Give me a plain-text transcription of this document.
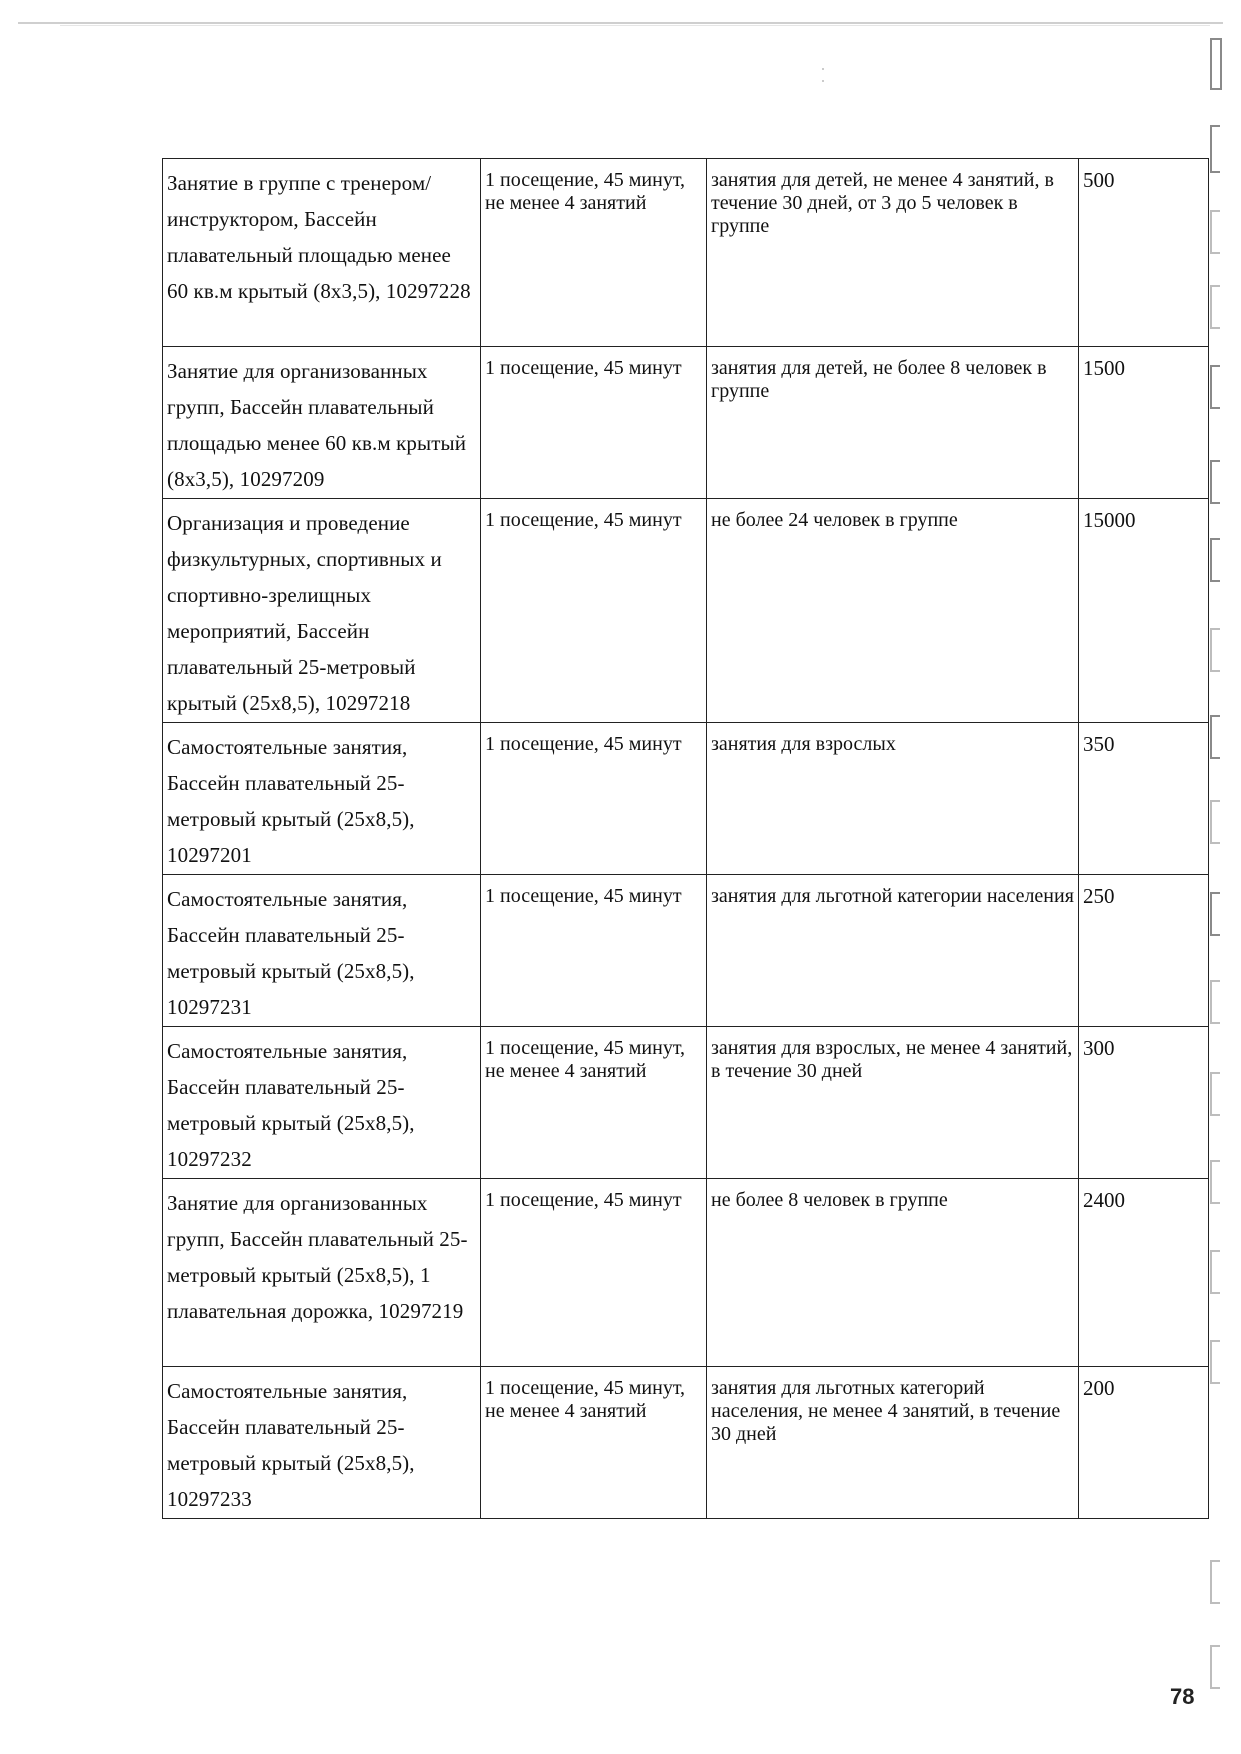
Занятие в группе с тренером/инструктором, Бассейн плавательный площадью менее 60 кв.м крытый (8х3,5), 10297228	1 посещение, 45 минут, не менее 4 занятий	занятия для детей, не менее 4 занятий, в течение 30 дней, от 3 до 5 человек в группе	500

Занятие для организованных групп, Бассейн плавательный площадью менее 60 кв.м крытый (8х3,5), 10297209	1 посещение, 45 минут	занятия для детей, не более 8 человек в группе	1500

Организация и проведение физкультурных, спортивных и спортивно-зрелищных мероприятий, Бассейн плавательный 25-метровый крытый (25х8,5), 10297218	1 посещение, 45 минут	не более 24 человек в группе	15000

Самостоятельные занятия, Бассейн плавательный 25-метровый крытый (25х8,5), 10297201	1 посещение, 45 минут	занятия для взрослых	350

Самостоятельные занятия, Бассейн плавательный 25-метровый крытый (25х8,5), 10297231	1 посещение, 45 минут	занятия для льготной категории населения	250

Самостоятельные занятия, Бассейн плавательный 25-метровый крытый (25х8,5), 10297232	1 посещение, 45 минут, не менее 4 занятий	занятия для взрослых, не менее 4 занятий, в течение 30 дней	300

Занятие для организованных групп, Бассейн плавательный 25-метровый крытый (25х8,5), 1 плавательная дорожка, 10297219	1 посещение, 45 минут	не более 8 человек в группе	2400

Самостоятельные занятия, Бассейн плавательный 25-метровый крытый (25х8,5), 10297233	1 посещение, 45 минут, не менее 4 занятий	занятия для льготных категорий населения, не менее 4 занятий, в течение 30 дней	200
78
